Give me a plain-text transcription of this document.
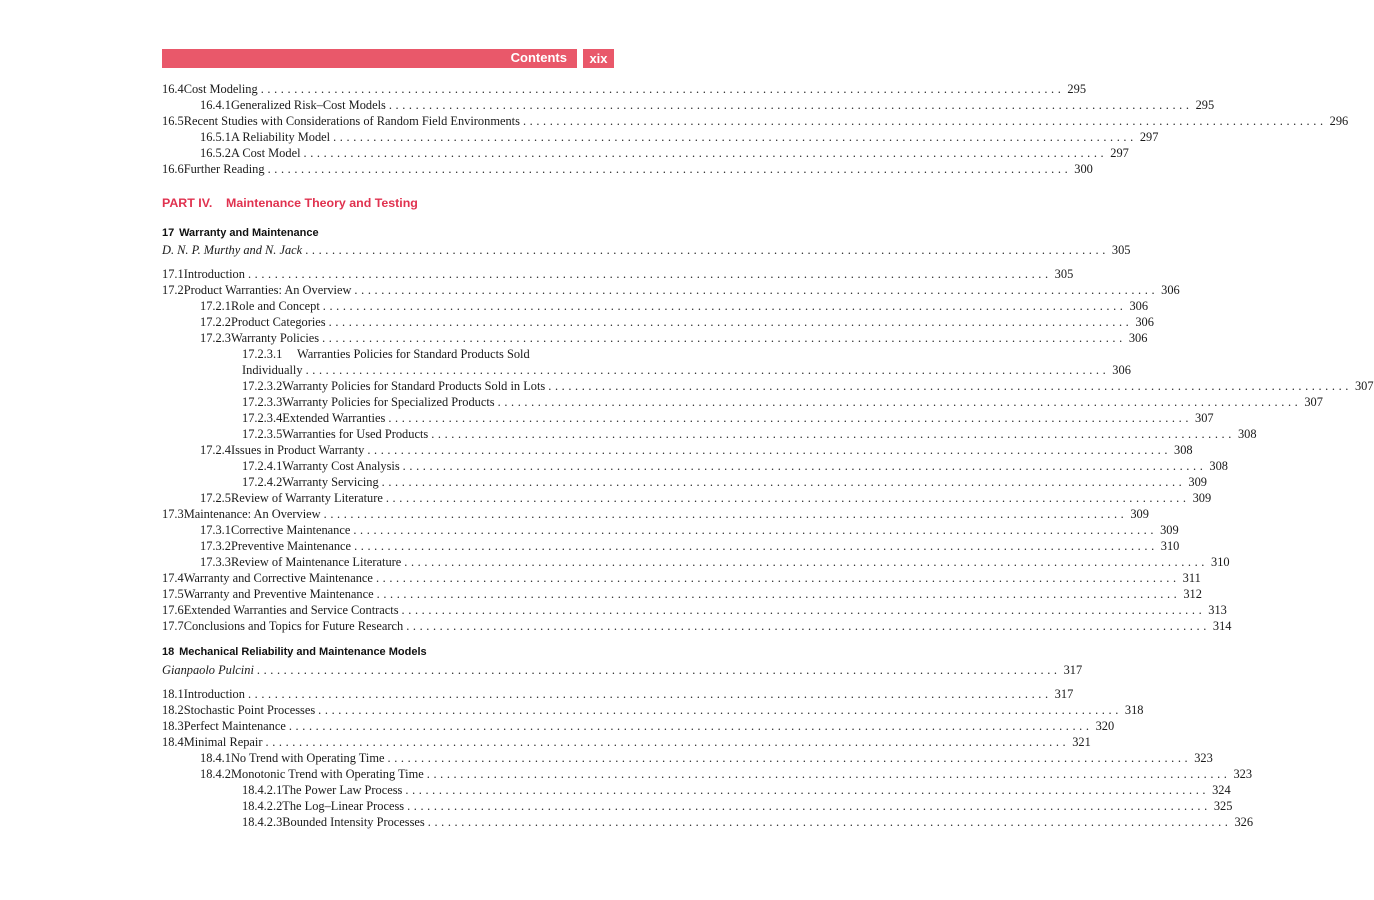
Contents	xix
PART IV. Maintenance Theory and Testing
17 Warranty and Maintenance
18 Mechanical Reliability and Maintenance Models
16.4 Cost Modeling ........................................................................................................................ 295
16.4.1 Generalized Risk–Cost Models ........................................................................................................................ 295
16.5 Recent Studies with Considerations of Random Field Environments ........................................................................................................................ 296
16.5.1 A Reliability Model ........................................................................................................................ 297
16.5.2 A Cost Model ........................................................................................................................ 297
16.6 Further Reading ........................................................................................................................ 300
D. N. P. Murthy and N. Jack ........................................................................................................................ 305
17.1 Introduction ........................................................................................................................ 305
17.2 Product Warranties: An Overview ........................................................................................................................ 306
17.2.1 Role and Concept ........................................................................................................................ 306
17.2.2 Product Categories ........................................................................................................................ 306
17.2.3 Warranty Policies ........................................................................................................................ 306
17.2.3.1	Warranties Policies for Standard Products Sold
Individually ........................................................................................................................ 306
17.2.3.2 Warranty Policies for Standard Products Sold in Lots ........................................................................................................................ 307
17.2.3.3 Warranty Policies for Specialized Products ........................................................................................................................ 307
17.2.3.4 Extended Warranties ........................................................................................................................ 307
17.2.3.5 Warranties for Used Products ........................................................................................................................ 308
17.2.4 Issues in Product Warranty ........................................................................................................................ 308
17.2.4.1 Warranty Cost Analysis ........................................................................................................................ 308
17.2.4.2 Warranty Servicing ........................................................................................................................ 309
17.2.5 Review of Warranty Literature ........................................................................................................................ 309
17.3 Maintenance: An Overview ........................................................................................................................ 309
17.3.1 Corrective Maintenance ........................................................................................................................ 309
17.3.2 Preventive Maintenance ........................................................................................................................ 310
17.3.3 Review of Maintenance Literature ........................................................................................................................ 310
17.4 Warranty and Corrective Maintenance ........................................................................................................................ 311
17.5 Warranty and Preventive Maintenance ........................................................................................................................ 312
17.6 Extended Warranties and Service Contracts ........................................................................................................................ 313
17.7 Conclusions and Topics for Future Research ........................................................................................................................ 314
Gianpaolo Pulcini ........................................................................................................................ 317
18.1 Introduction ........................................................................................................................ 317
18.2 Stochastic Point Processes ........................................................................................................................ 318
18.3 Perfect Maintenance ........................................................................................................................ 320
18.4 Minimal Repair ........................................................................................................................ 321
18.4.1 No Trend with Operating Time ........................................................................................................................ 323
18.4.2 Monotonic Trend with Operating Time ........................................................................................................................ 323
18.4.2.1 The Power Law Process ........................................................................................................................ 324
18.4.2.2 The Log–Linear Process ........................................................................................................................ 325
18.4.2.3 Bounded Intensity Processes ........................................................................................................................ 326
